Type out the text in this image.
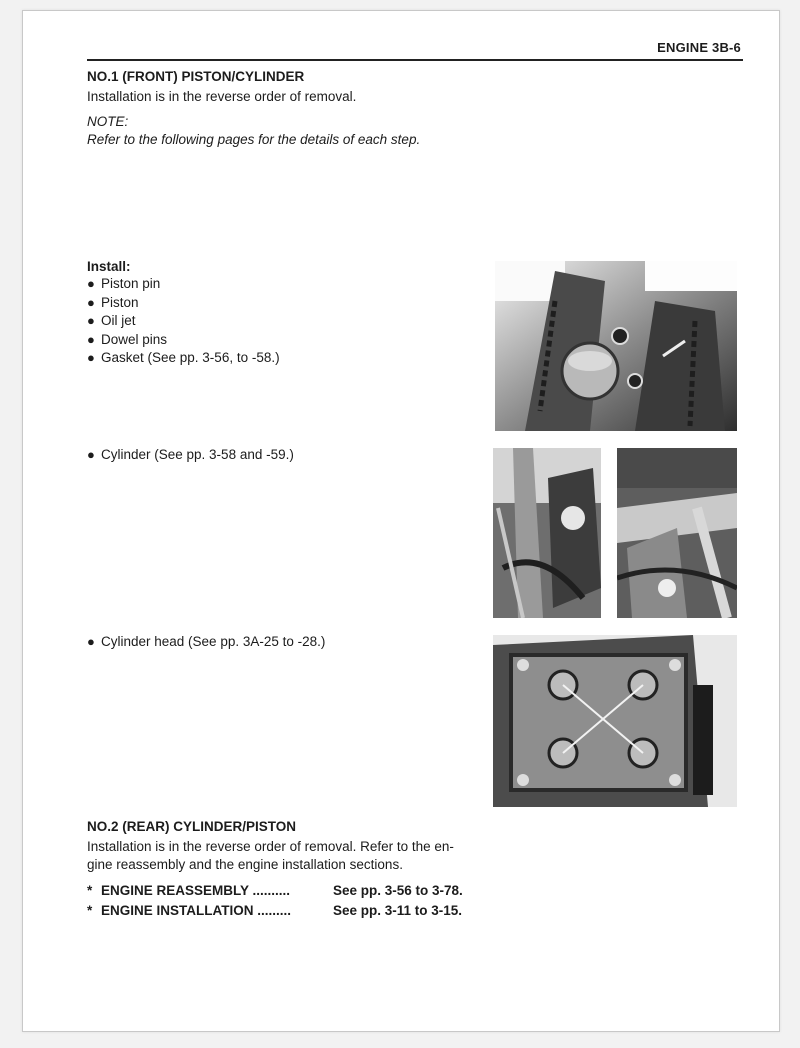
ENGINE 3B-6
NO.1 (FRONT) PISTON/CYLINDER
Installation is in the reverse order of removal.
NOTE:
Refer to the following pages for the details of each step.
Install:
● Piston pin
● Piston
● Oil jet
● Dowel pins
● Gasket (See pp. 3-56, to -58.)
● Cylinder (See pp. 3-58 and -59.)
● Cylinder head (See pp. 3A-25 to -28.)
NO.2 (REAR) CYLINDER/PISTON
Installation is in the reverse order of removal. Refer to the en-
gine reassembly and the engine installation sections.
* ENGINE REASSEMBLY ..........	See pp. 3-56 to 3-78.
* ENGINE INSTALLATION .........	See pp. 3-11 to 3-15.
